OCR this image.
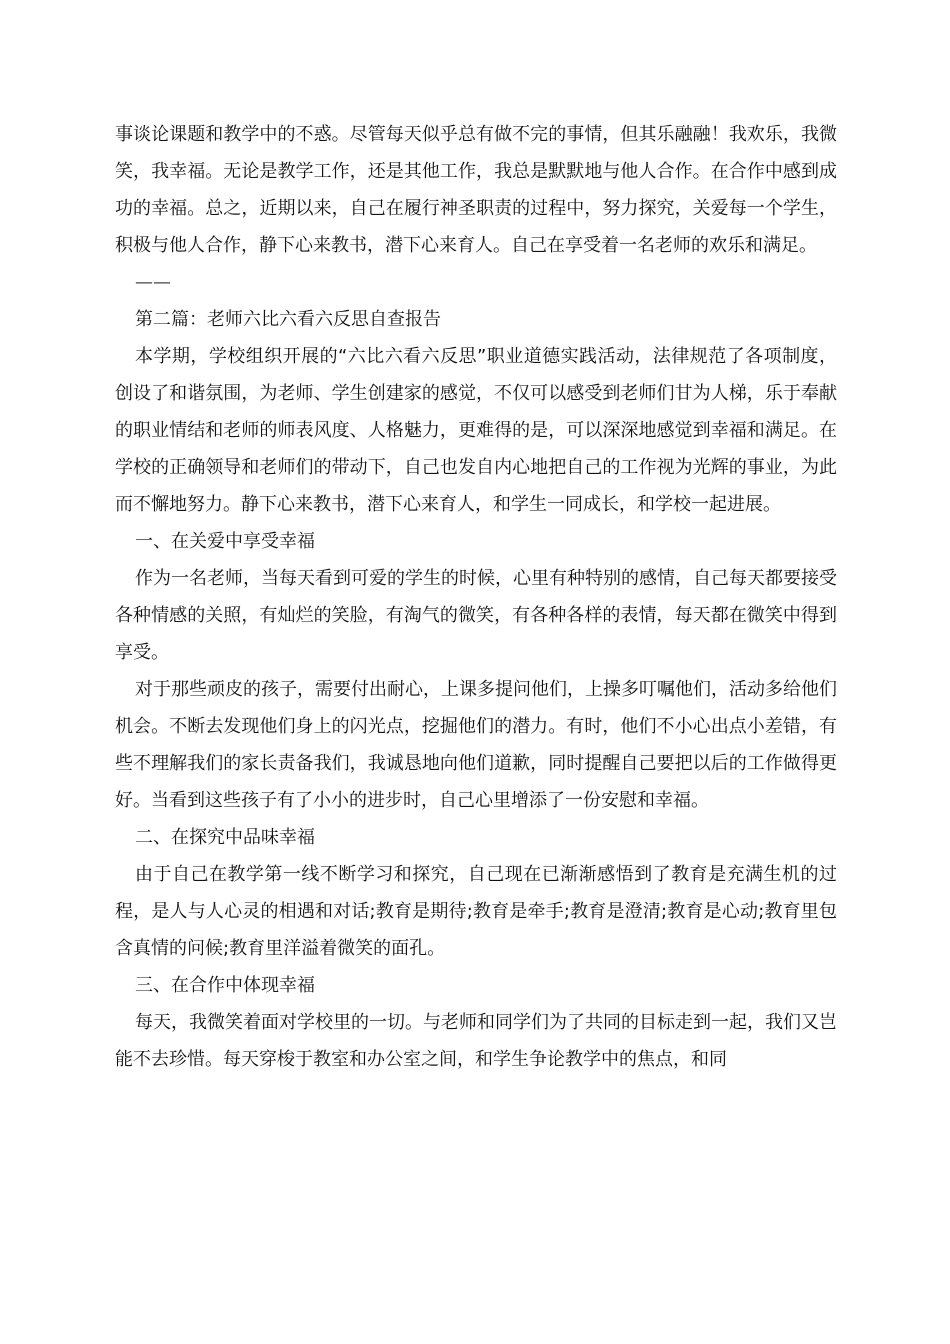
事谈论课题和教学中的不惑。尽管每天似乎总有做不完的事情，但其乐融融！我欢乐，我微笑，我幸福。无论是教学工作，还是其他工作，我总是默默地与他人合作。在合作中感到成功的幸福。总之，近期以来，自己在履行神圣职责的过程中，努力探究，关爱每一个学生，积极与他人合作，静下心来教书，潜下心来育人。自己在享受着一名老师的欢乐和满足。

——

第二篇：老师六比六看六反思自查报告

本学期，学校组织开展的“六比六看六反思”职业道德实践活动，法律规范了各项制度，创设了和谐氛围，为老师、学生创建家的感觉，不仅可以感受到老师们甘为人梯，乐于奉献的职业情结和老师的师表风度、人格魅力，更难得的是，可以深深地感觉到幸福和满足。在学校的正确领导和老师们的带动下，自己也发自内心地把自己的工作视为光辉的事业，为此而不懈地努力。静下心来教书，潜下心来育人，和学生一同成长，和学校一起进展。

一、在关爱中享受幸福

作为一名老师，当每天看到可爱的学生的时候，心里有种特别的感情，自己每天都要接受各种情感的关照，有灿烂的笑脸，有淘气的微笑，有各种各样的表情，每天都在微笑中得到享受。

对于那些顽皮的孩子，需要付出耐心，上课多提问他们，上操多叮嘱他们，活动多给他们机会。不断去发现他们身上的闪光点，挖掘他们的潜力。有时，他们不小心出点小差错，有些不理解我们的家长责备我们，我诚恳地向他们道歉，同时提醒自己要把以后的工作做得更好。当看到这些孩子有了小小的进步时，自己心里增添了一份安慰和幸福。

二、在探究中品味幸福

由于自己在教学第一线不断学习和探究，自己现在已渐渐感悟到了教育是充满生机的过程，是人与人心灵的相遇和对话;教育是期待;教育是牵手;教育是澄清;教育是心动;教育里包含真情的问候;教育里洋溢着微笑的面孔。

三、在合作中体现幸福

每天，我微笑着面对学校里的一切。与老师和同学们为了共同的目标走到一起，我们又岂能不去珍惜。每天穿梭于教室和办公室之间，和学生争论教学中的焦点，和同
